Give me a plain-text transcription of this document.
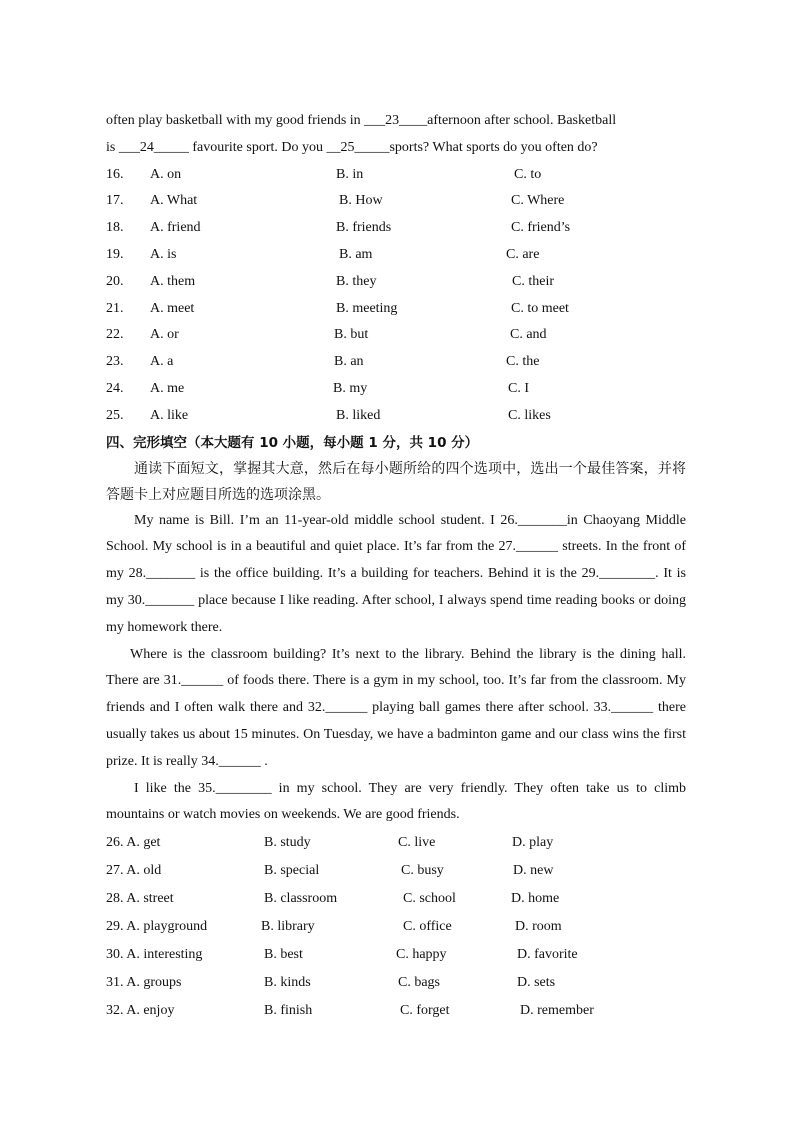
often play basketball with my good friends in ___23____afternoon after school. Basketball

is ___24_____ favourite sport. Do you __25_____sports? What sports do you often do?

16. A. on	B. in	C. to
17. A. What	B. How	C. Where
18. A. friend	B. friends	C. friend’s
19. A. is	B. am	C. are
20. A. them	B. they	C. their
21. A. meet	B. meeting	C. to meet
22. A. or	B. but	C. and
23. A. a	B. an	C. the
24. A. me	B. my	C. I
25. A. like	B. liked	C. likes
四、完形填空（本大题有 10 小题，每小题 1 分，共 10 分）

通读下面短文，掌握其大意，然后在每小题所给的四个选项中，选出一个最佳答案，并将答题卡上对应题目所选的选项涂黑。

My name is Bill. I’m an 11-year-old middle school student. I 26._______in Chaoyang Middle School. My school is in a beautiful and quiet place. It’s far from the 27.______ streets. In the front of my 28._______ is the office building. It’s a building for teachers. Behind it is the 29.________. It is my 30._______ place because I like reading. After school, I always spend time reading books or doing my homework there.

Where is the classroom building? It’s next to the library. Behind the library is the dining hall. There are 31.______ of foods there. There is a gym in my school, too. It’s far from the classroom. My friends and I often walk there and 32.______ playing ball games there after school. 33.______ there usually takes us about 15 minutes. On Tuesday, we have a badminton game and our class wins the first prize. It is really 34.______ .

I like the 35.________ in my school. They are very friendly. They often take us to climb mountains or watch movies on weekends. We are good friends.

26. A. get	B. study	C. live	D. play
27. A. old	B. special	C. busy	D. new
28. A. street	B. classroom	C. school	D. home
29. A. playground	B. library	C. office	D. room
30. A. interesting	B. best	C. happy	D. favorite
31. A. groups	B. kinds	C. bags	D. sets
32. A. enjoy	B. finish	C. forget	D. remember
